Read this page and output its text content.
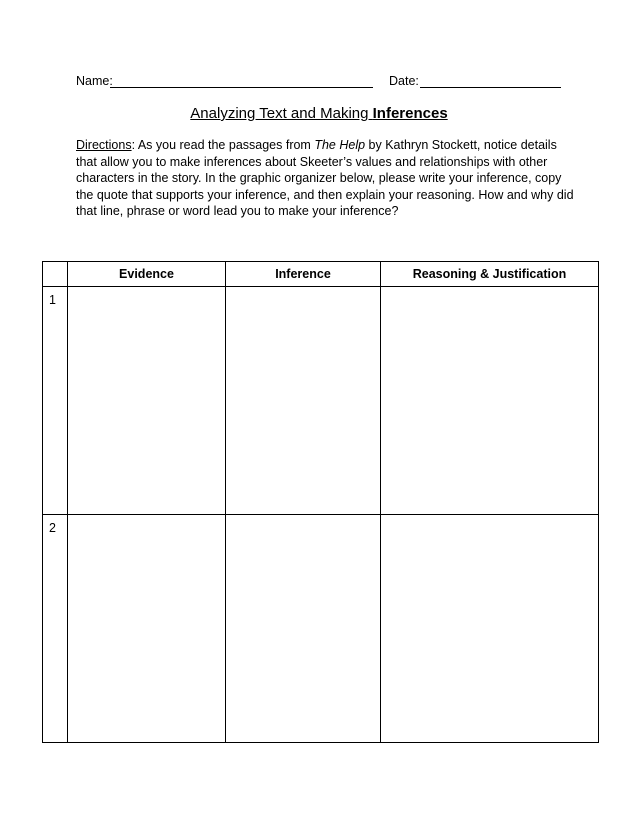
Name:	Date:
Analyzing Text and Making Inferences
Directions: As you read the passages from The Help by Kathryn Stockett, notice details that allow you to make inferences about Skeeter’s values and relationships with other characters in the story. In the graphic organizer below, please write your inference, copy the quote that supports your inference, and then explain your reasoning. How and why did that line, phrase or word lead you to make your inference?
	Evidence	Inference	Reasoning & Justification
1			
2			
